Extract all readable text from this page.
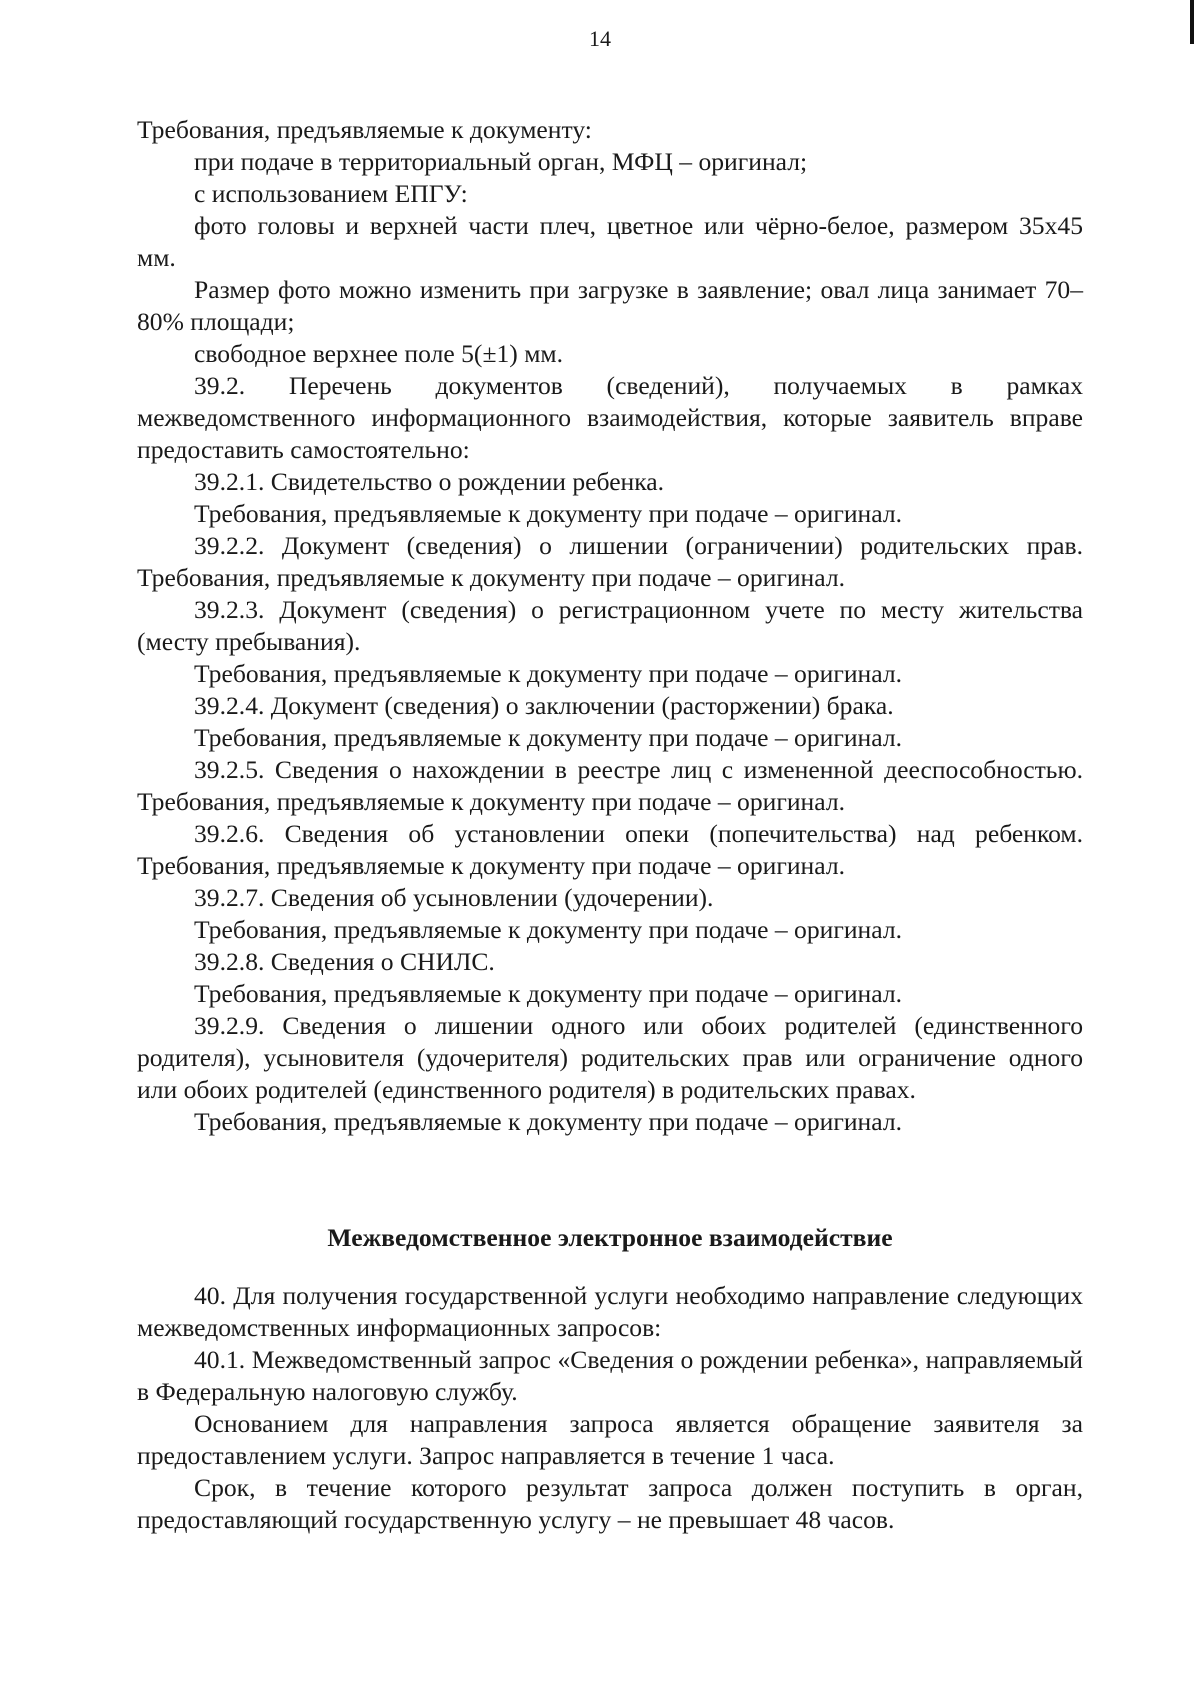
14

Требования, предъявляемые к документу:

при подаче в территориальный орган, МФЦ – оригинал;

с использованием ЕПГУ:

фото головы и верхней части плеч, цветное или чёрно-белое, размером 35x45 мм.

Размер фото можно изменить при загрузке в заявление; овал лица занимает 70–80% площади;

свободное верхнее поле 5(±1) мм.

39.2. Перечень документов (сведений), получаемых в рамках межведомственного информационного взаимодействия, которые заявитель вправе предоставить самостоятельно:

39.2.1. Свидетельство о рождении ребенка.

Требования, предъявляемые к документу при подаче – оригинал.

39.2.2. Документ (сведения) о лишении (ограничении) родительских прав. Требования, предъявляемые к документу при подаче – оригинал.

39.2.3. Документ (сведения) о регистрационном учете по месту жительства (месту пребывания).

Требования, предъявляемые к документу при подаче – оригинал.

39.2.4. Документ (сведения) о заключении (расторжении) брака.

Требования, предъявляемые к документу при подаче – оригинал.

39.2.5. Сведения о нахождении в реестре лиц с измененной дееспособностью. Требования, предъявляемые к документу при подаче – оригинал.

39.2.6. Сведения об установлении опеки (попечительства) над ребенком. Требования, предъявляемые к документу при подаче – оригинал.

39.2.7. Сведения об усыновлении (удочерении).

Требования, предъявляемые к документу при подаче – оригинал.

39.2.8. Сведения о СНИЛС.

Требования, предъявляемые к документу при подаче – оригинал.

39.2.9. Сведения о лишении одного или обоих родителей (единственного родителя), усыновителя (удочерителя) родительских прав или ограничение одного или обоих родителей (единственного родителя) в родительских правах.

Требования, предъявляемые к документу при подаче – оригинал.

Межведомственное электронное взаимодействие

40. Для получения государственной услуги необходимо направление следующих межведомственных информационных запросов:

40.1. Межведомственный запрос «Сведения о рождении ребенка», направляемый в Федеральную налоговую службу.

Основанием для направления запроса является обращение заявителя за предоставлением услуги. Запрос направляется в течение 1 часа.

Срок, в течение которого результат запроса должен поступить в орган, предоставляющий государственную услугу – не превышает 48 часов.
